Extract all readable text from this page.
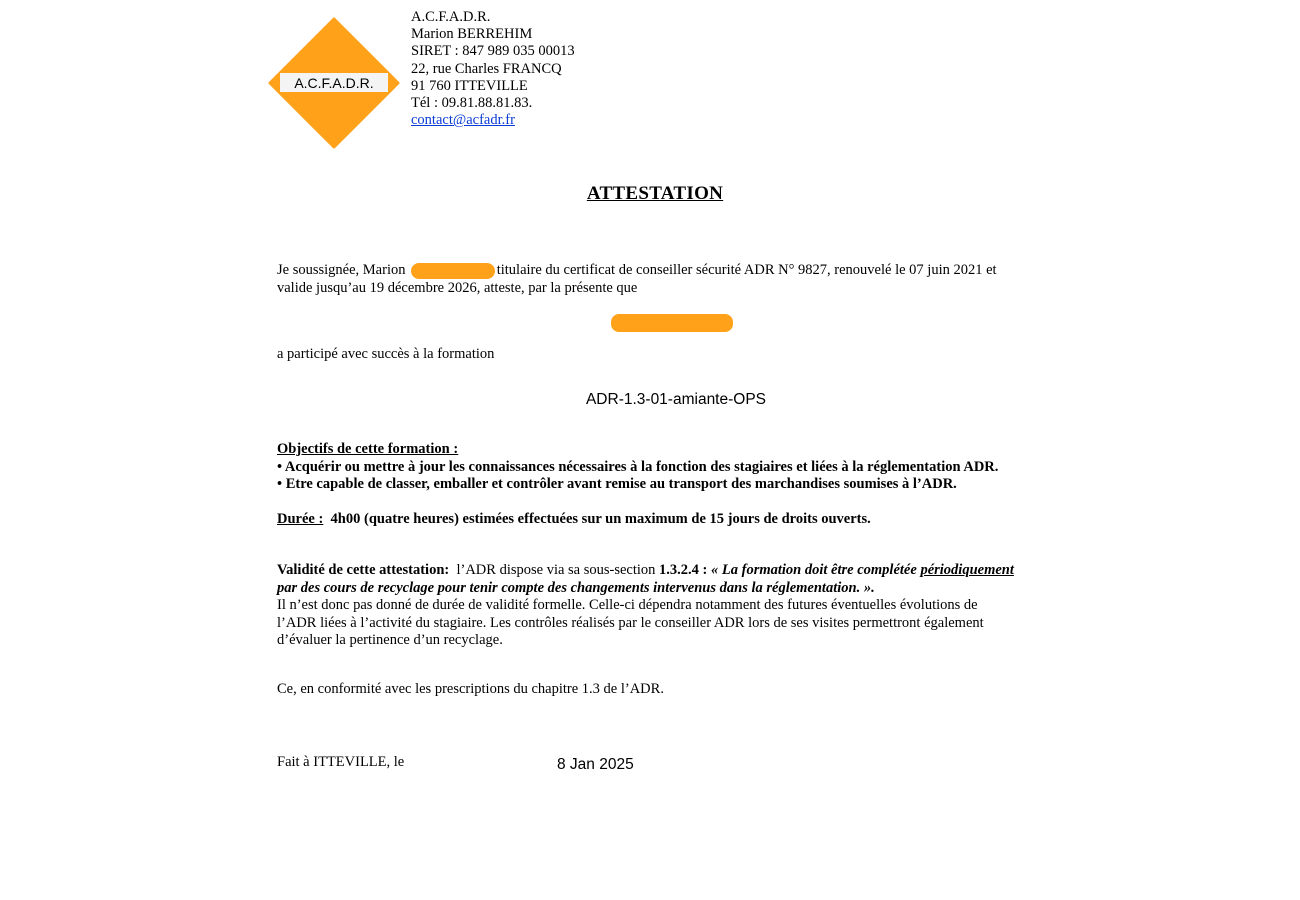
A.C.F.A.D.R.
A.C.F.A.D.R.
Marion BERREHIM
SIRET : 847 989 035 00013
22, rue Charles FRANCQ
91 760 ITTEVILLE
Tél : 09.81.88.81.83.
contact@acfadr.fr
ATTESTATION
Je soussignée, Marion	titulaire du certificat de conseiller sécurité ADR N° 9827, renouvelé le 07 juin 2021 et
valide jusqu’au 19 décembre 2026, atteste, par la présente que
a participé avec succès à la formation
ADR-1.3-01-amiante-OPS
Objectifs de cette formation :
• Acquérir ou mettre à jour les connaissances nécessaires à la fonction des stagiaires et liées à la réglementation ADR.
• Etre capable de classer, emballer et contrôler avant remise au transport des marchandises soumises à l’ADR.
Durée :  4h00 (quatre heures) estimées effectuées sur un maximum de 15 jours de droits ouverts.
Validité de cette attestation:  l’ADR dispose via sa sous-section 1.3.2.4 : « La formation doit être complétée périodiquement
par des cours de recyclage pour tenir compte des changements intervenus dans la réglementation. ».
Il n’est donc pas donné de durée de validité formelle. Celle-ci dépendra notamment des futures éventuelles évolutions de
l’ADR liées à l’activité du stagiaire. Les contrôles réalisés par le conseiller ADR lors de ses visites permettront également
d’évaluer la pertinence d’un recyclage.
Ce, en conformité avec les prescriptions du chapitre 1.3 de l’ADR.
Fait à ITTEVILLE, le	8 Jan 2025
